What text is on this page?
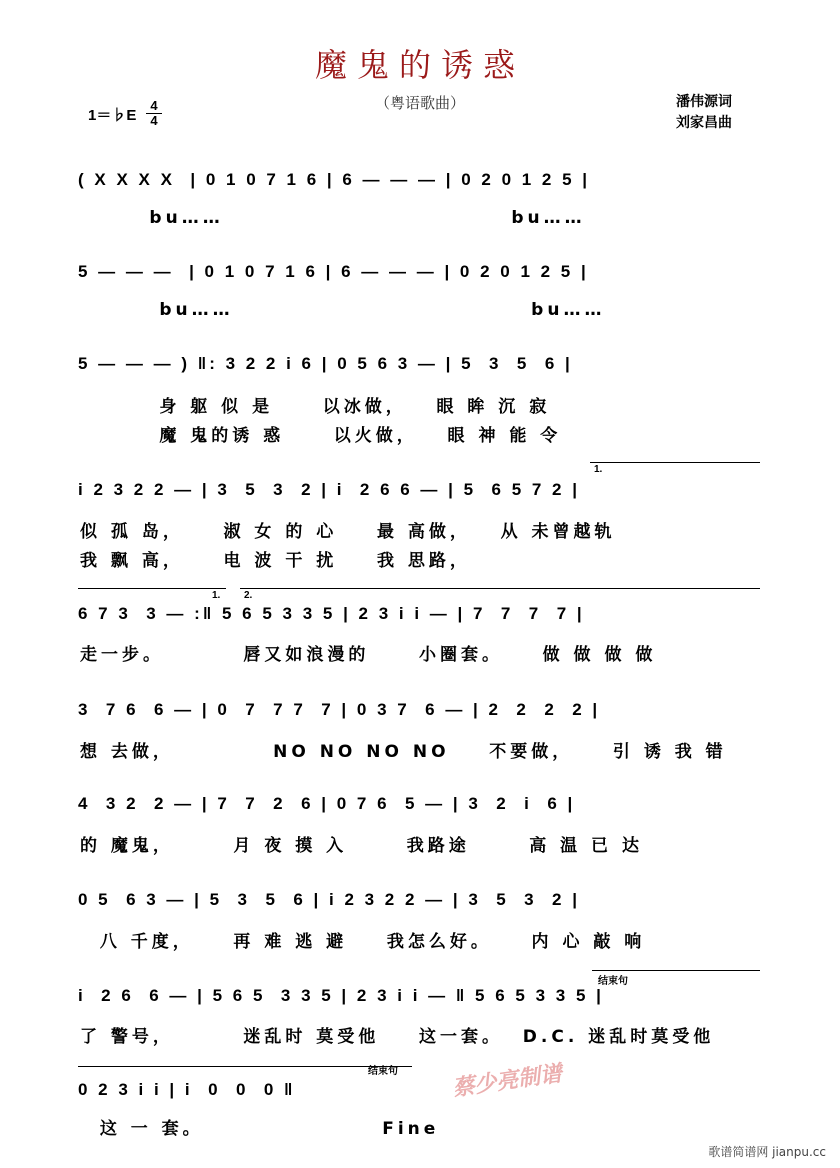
魔鬼的诱惑
（粤语歌曲）
1＝♭E
4
4
潘伟源词
刘家昌曲
( X X X X  | 0 1 0 7 1 6 | 6 — — — | 0 2 0 1 2 5 |
bu……                             bu……
5 — — —  | 0 1 0 7 1 6 | 6 — — — | 0 2 0 1 2 5 |
bu……                              bu……
5 — — — ) ‖: 3 2 2 i 6 | 0 5 6 3 — | 5  3  5  6 |
身 躯 似 是     以冰做，   眼 眸 沉 寂
魔 鬼的诱 惑     以火做，   眼 神 能 令
1.
i 2 3 2 2 — | 3  5  3  2 | i  2 6 6 — | 5  6 5 7 2 |
似 孤 岛，    淑 女 的 心    最 高做，   从 未曾越轨
我 飘 高，    电 波 干 扰    我 思路，
1. 2.
6 7 3  3 — :‖ 5 6 5 3 3 5 | 2 3 i i — | 7  7  7  7 |
走一步。        唇又如浪漫的     小圈套。    做 做 做 做
3  7 6  6 — | 0  7  7 7  7 | 0 3 7  6 — | 2  2  2  2 |
想 去做，          NO NO NO NO    不要做，    引 诱 我 错
4  3 2  2 — | 7  7  2  6 | 0 7 6  5 — | 3  2  i  6 |
的 魔鬼，      月 夜 摸 入      我路途      高 温 已 达
0 5  6 3 — | 5  3  5  6 | i 2 3 2 2 — | 3  5  3  2 |
八 千度，    再 难 逃 避    我怎么好。    内 心 敲 响
结束句
i  2 6  6 — | 5 6 5  3 3 5 | 2 3 i i — ‖ 5 6 5 3 3 5 |
了 警号，       迷乱时 莫受他    这一套。  D.C. 迷乱时莫受他
结束句
0 2 3 i i | i  0  0  0 ‖
这 一 套。                  Fine
蔡少亮制谱
歌谱简谱网 jianpu.cc
